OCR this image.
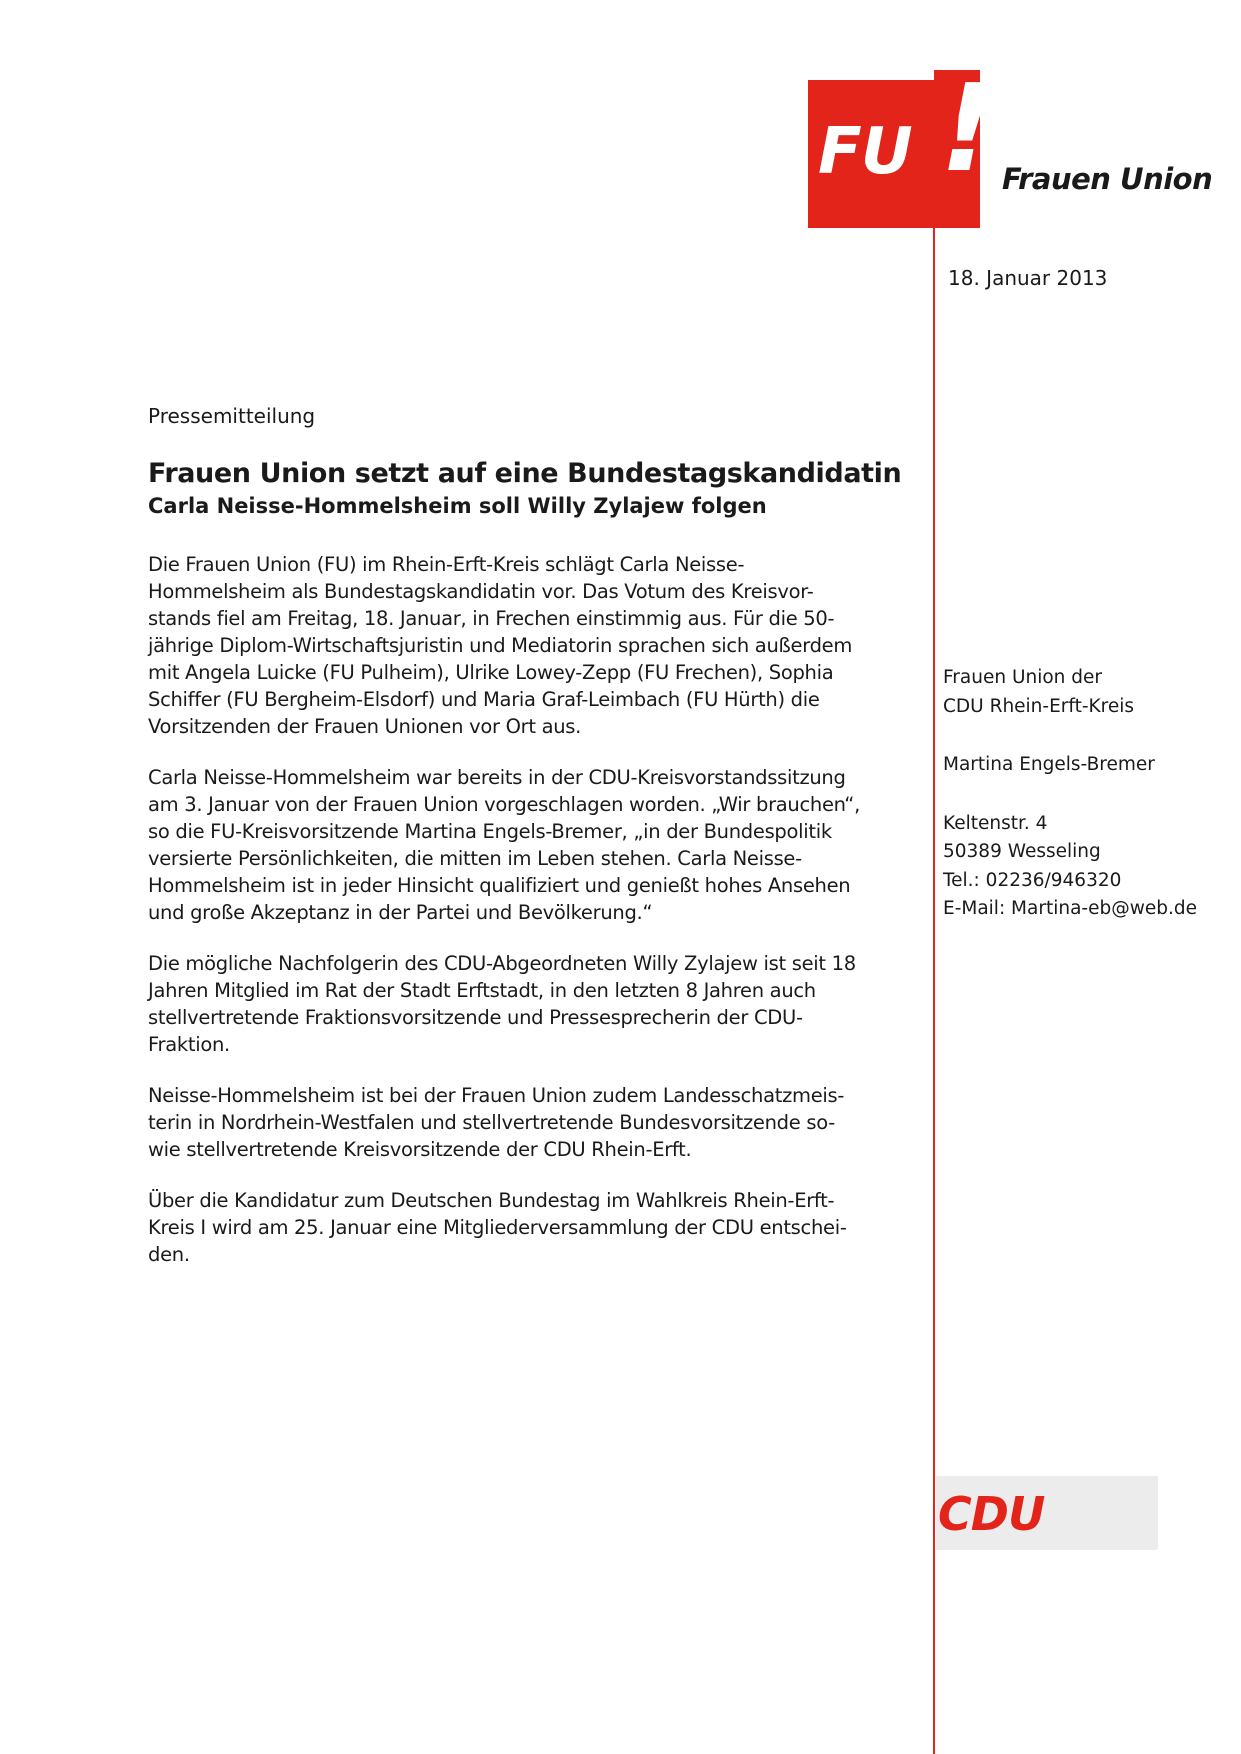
FU ! Frauen Union
18. Januar 2013
Pressemitteilung
Frauen Union setzt auf eine Bundestagskandidatin
Carla Neisse-Hommelsheim soll Willy Zylajew folgen

Die Frauen Union (FU) im Rhein-Erft-Kreis schlägt Carla Neisse-
Hommelsheim als Bundestagskandidatin vor. Das Votum des Kreisvor-
stands fiel am Freitag, 18. Januar, in Frechen einstimmig aus. Für die 50-
jährige Diplom-Wirtschaftsjuristin und Mediatorin sprachen sich außerdem
mit Angela Luicke (FU Pulheim), Ulrike Lowey-Zepp (FU Frechen), Sophia
Schiffer (FU Bergheim-Elsdorf) und Maria Graf-Leimbach (FU Hürth) die
Vorsitzenden der Frauen Unionen vor Ort aus.

Carla Neisse-Hommelsheim war bereits in der CDU-Kreisvorstandssitzung
am 3. Januar von der Frauen Union vorgeschlagen worden. „Wir brauchen“,
so die FU-Kreisvorsitzende Martina Engels-Bremer, „in der Bundespolitik
versierte Persönlichkeiten, die mitten im Leben stehen. Carla Neisse-
Hommelsheim ist in jeder Hinsicht qualifiziert und genießt hohes Ansehen
und große Akzeptanz in der Partei und Bevölkerung.“

Die mögliche Nachfolgerin des CDU-Abgeordneten Willy Zylajew ist seit 18
Jahren Mitglied im Rat der Stadt Erftstadt, in den letzten 8 Jahren auch
stellvertretende Fraktionsvorsitzende und Pressesprecherin der CDU-
Fraktion.

Neisse-Hommelsheim ist bei der Frauen Union zudem Landesschatzmeis-
terin in Nordrhein-Westfalen und stellvertretende Bundesvorsitzende so-
wie stellvertretende Kreisvorsitzende der CDU Rhein-Erft.

Über die Kandidatur zum Deutschen Bundestag im Wahlkreis Rhein-Erft-
Kreis I wird am 25. Januar eine Mitgliederversammlung der CDU entschei-
den.

Frauen Union der
CDU Rhein-Erft-Kreis
Martina Engels-Bremer
Keltenstr. 4
50389 Wesseling
Tel.: 02236/946320
E-Mail: Martina-eb@web.de
CDU
